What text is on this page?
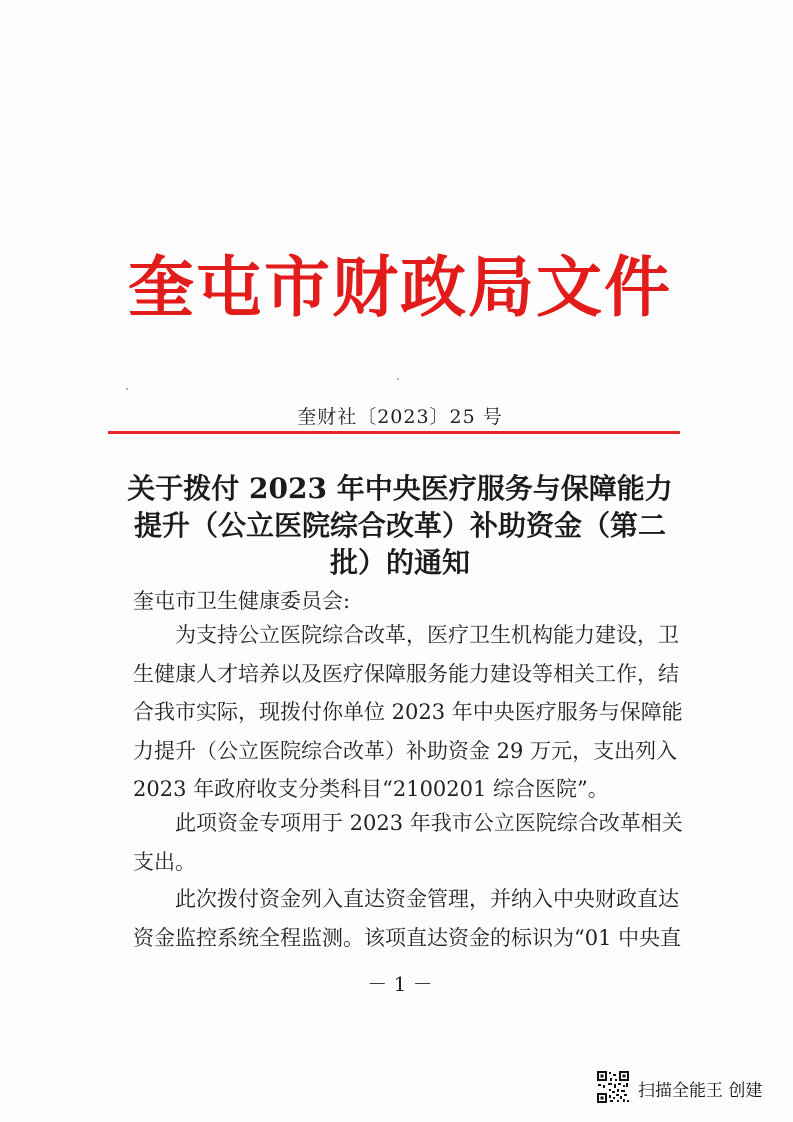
奎屯市财政局文件
奎财社〔2023〕25 号
关于拨付 2023 年中央医疗服务与保障能力
提升（公立医院综合改革）补助资金（第二
批）的通知
奎屯市卫生健康委员会:
为支持公立医院综合改革，医疗卫生机构能力建设，卫
生健康人才培养以及医疗保障服务能力建设等相关工作，结
合我市实际，现拨付你单位 2023 年中央医疗服务与保障能
力提升（公立医院综合改革）补助资金 29 万元，支出列入
2023 年政府收支分类科目“2100201 综合医院”。
此项资金专项用于 2023 年我市公立医院综合改革相关
支出。
此次拨付资金列入直达资金管理，并纳入中央财政直达
资金监控系统全程监测。该项直达资金的标识为“01 中央直
－ 1 －
扫描全能王 创建
